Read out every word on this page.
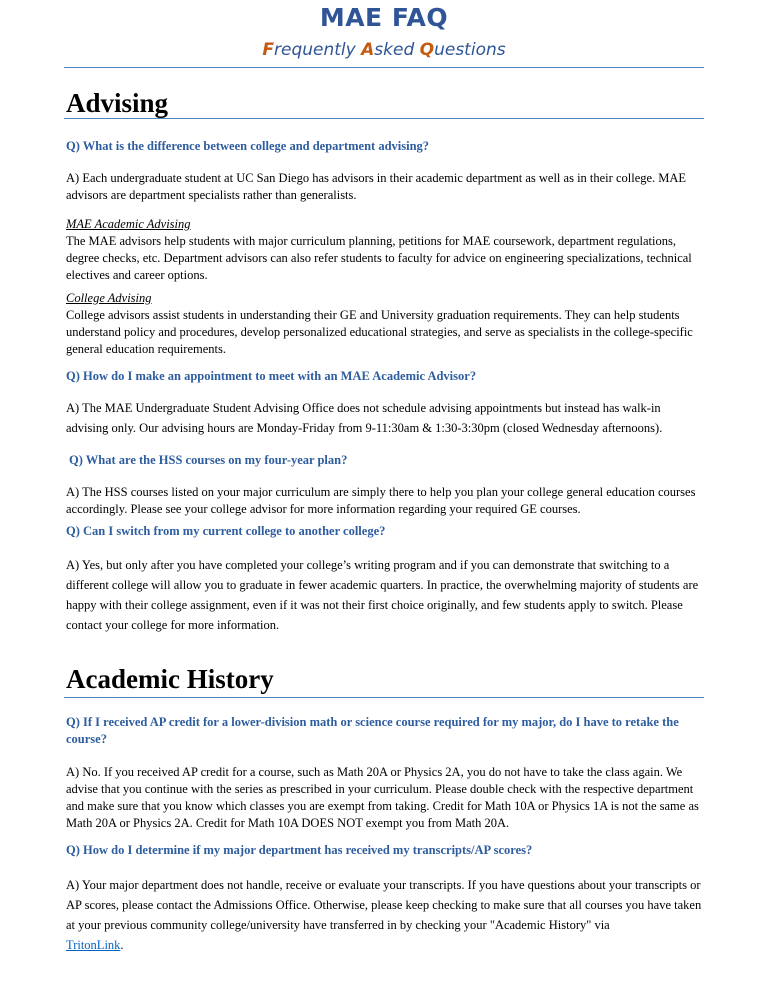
MAE FAQ
Frequently Asked Questions
Advising

Q) What is the difference between college and department advising?

A) Each undergraduate student at UC San Diego has advisors in their academic department as well as in their college. MAE advisors are department specialists rather than generalists.

MAE Academic Advising
The MAE advisors help students with major curriculum planning, petitions for MAE coursework, department regulations, degree checks, etc. Department advisors can also refer students to faculty for advice on engineering specializations, technical electives and career options.

College Advising
College advisors assist students in understanding their GE and University graduation requirements. They can help students understand policy and procedures, develop personalized educational strategies, and serve as specialists in the college-specific general education requirements.

Q) How do I make an appointment to meet with an MAE Academic Advisor?

A) The MAE Undergraduate Student Advising Office does not schedule advising appointments but instead has walk-in advising only. Our advising hours are Monday-Friday from 9-11:30am & 1:30-3:30pm (closed Wednesday afternoons).

Q) What are the HSS courses on my four-year plan?

A) The HSS courses listed on your major curriculum are simply there to help you plan your college general education courses accordingly. Please see your college advisor for more information regarding your required GE courses.

Q) Can I switch from my current college to another college?

A) Yes, but only after you have completed your college’s writing program and if you can demonstrate that switching to a different college will allow you to graduate in fewer academic quarters. In practice, the overwhelming majority of students are happy with their college assignment, even if it was not their first choice originally, and few students apply to switch. Please contact your college for more information.

Academic History

Q) If I received AP credit for a lower-division math or science course required for my major, do I have to retake the course?

A) No. If you received AP credit for a course, such as Math 20A or Physics 2A, you do not have to take the class again. We advise that you continue with the series as prescribed in your curriculum. Please double check with the respective department and make sure that you know which classes you are exempt from taking. Credit for Math 10A or Physics 1A is not the same as Math 20A or Physics 2A. Credit for Math 10A DOES NOT exempt you from Math 20A.

Q) How do I determine if my major department has received my transcripts/AP scores?

A) Your major department does not handle, receive or evaluate your transcripts. If you have questions about your transcripts or AP scores, please contact the Admissions Office. Otherwise, please keep checking to make sure that all courses you have taken at your previous community college/university have transferred in by checking your "Academic History" via
TritonLink.
